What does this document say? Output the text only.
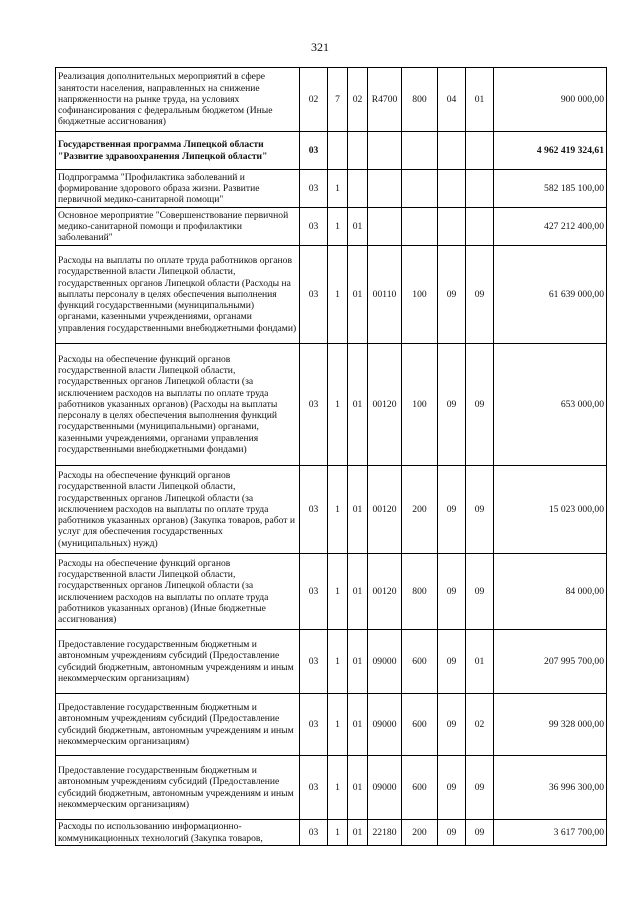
321
Реализация дополнительных мероприятий в сфере занятости населения, направленных на снижение напряженности на рынке труда, на условиях софинансирования с федеральным бюджетом (Иные бюджетные ассигнования)	02	7	02	R4700	800	04	01	900 000,00
Государственная программа Липецкой области "Развитие здравоохранения Липецкой области"	03							4 962 419 324,61
Подпрограмма "Профилактика заболеваний и формирование здорового образа жизни. Развитие первичной медико-санитарной помощи"	03	1						582 185 100,00
Основное мероприятие "Совершенствование первичной медико-санитарной помощи и профилактики заболеваний"	03	1	01					427 212 400,00
Расходы на выплаты по оплате труда работников органов государственной власти Липецкой области, государственных органов Липецкой области (Расходы на выплаты персоналу в целях обеспечения выполнения функций государственными (муниципальными) органами, казенными учреждениями, органами управления государственными внебюджетными фондами)	03	1	01	00110	100	09	09	61 639 000,00
Расходы на обеспечение функций органов государственной власти Липецкой области, государственных органов Липецкой области (за исключением расходов на выплаты по оплате труда работников указанных органов) (Расходы на выплаты персоналу в целях обеспечения выполнения функций государственными (муниципальными) органами, казенными учреждениями, органами управления государственными внебюджетными фондами)	03	1	01	00120	100	09	09	653 000,00
Расходы на обеспечение функций органов государственной власти Липецкой области, государственных органов Липецкой области (за исключением расходов на выплаты по оплате труда работников указанных органов) (Закупка товаров, работ и услуг для обеспечения государственных (муниципальных) нужд)	03	1	01	00120	200	09	09	15 023 000,00
Расходы на обеспечение функций органов государственной власти Липецкой области, государственных органов Липецкой области (за исключением расходов на выплаты по оплате труда работников указанных органов) (Иные бюджетные ассигнования)	03	1	01	00120	800	09	09	84 000,00
Предоставление государственным бюджетным и автономным учреждениям субсидий (Предоставление субсидий бюджетным, автономным учреждениям и иным некоммерческим организациям)	03	1	01	09000	600	09	01	207 995 700,00
Предоставление государственным бюджетным и автономным учреждениям субсидий (Предоставление субсидий бюджетным, автономным учреждениям и иным некоммерческим организациям)	03	1	01	09000	600	09	02	99 328 000,00
Предоставление государственным бюджетным и автономным учреждениям субсидий (Предоставление субсидий бюджетным, автономным учреждениям и иным некоммерческим организациям)	03	1	01	09000	600	09	09	36 996 300,00
Расходы по использованию информационно-коммуникационных технологий (Закупка товаров,	03	1	01	22180	200	09	09	3 617 700,00
